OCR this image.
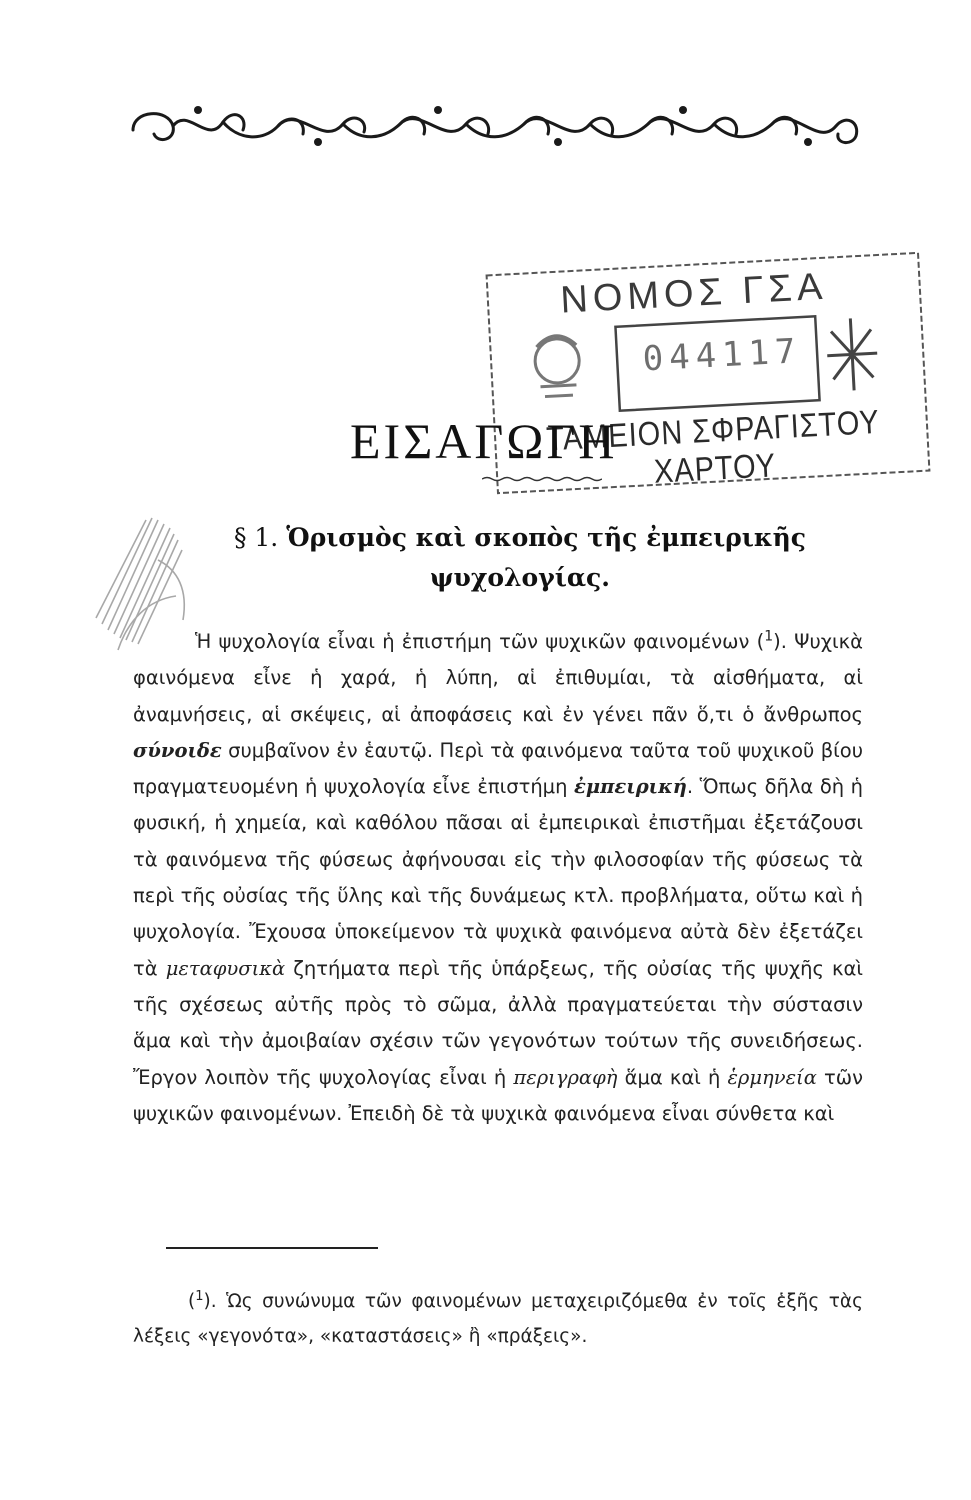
ΝΟΜΟΣ ΓΣΑ
044117
ΤΑΜΕΙΟΝ ΣΦΡΑΓΙΣΤΟΥ ΧΑΡΤΟΥ
ΕΙΣΑΓΩΓΗ
§ 1. Ὁρισμὸς καὶ σκοπὸς τῆς ἐμπειρικῆς
ψυχολογίας.

Ἡ ψυχολογία εἶναι ἡ ἐπιστήμη τῶν ψυχικῶν φαινομένων ($^1$). Ψυχικὰ φαινόμενα εἶνε ἡ χαρά, ἡ λύπη, αἱ ἐπιθυμίαι, τὰ αἰσθήματα, αἱ ἀναμνήσεις, αἱ σκέψεις, αἱ ἀποφάσεις καὶ ἐν γένει πᾶν ὅ,τι ὁ ἄνθρωπος σύνοιδε συμβαῖνον ἐν ἑαυτῷ. Περὶ τὰ φαινόμενα ταῦτα τοῦ ψυχικοῦ βίου πραγματευομένη ἡ ψυχολογία εἶνε ἐπιστήμη ἐμπειρική. Ὅπως δῆλα δὴ ἡ φυσική, ἡ χημεία, καὶ καθόλου πᾶσαι αἱ ἐμπειρικαὶ ἐπιστῆμαι ἐξετάζουσι τὰ φαινόμενα τῆς φύσεως ἀφήνουσαι εἰς τὴν φιλοσοφίαν τῆς φύσεως τὰ περὶ τῆς οὐσίας τῆς ὕλης καὶ τῆς δυνάμεως κτλ. προβλήματα, οὕτω καὶ ἡ ψυχολογία. Ἔχουσα ὑποκείμενον τὰ ψυχικὰ φαινόμενα αὐτὰ δὲν ἐξετάζει τὰ μεταφυσικὰ ζητήματα περὶ τῆς ὑπάρξεως, τῆς οὐσίας τῆς ψυχῆς καὶ τῆς σχέσεως αὐτῆς πρὸς τὸ σῶμα, ἀλλὰ πραγματεύεται τὴν σύστασιν ἅμα καὶ τὴν ἀμοιβαίαν σχέσιν τῶν γεγονότων τούτων τῆς συνειδήσεως. Ἔργον λοιπὸν τῆς ψυχολογίας εἶναι ἡ περιγραφὴ ἅμα καὶ ἡ ἑρμηνεία τῶν ψυχικῶν φαινομένων. Ἐπειδὴ δὲ τὰ ψυχικὰ φαινόμενα εἶναι σύνθετα καὶ

($^1$). Ὡς συνώνυμα τῶν φαινομένων μεταχειριζόμεθα ἐν τοῖς ἑξῆς τὰς λέξεις «γεγονότα», «καταστάσεις» ἢ «πράξεις».
